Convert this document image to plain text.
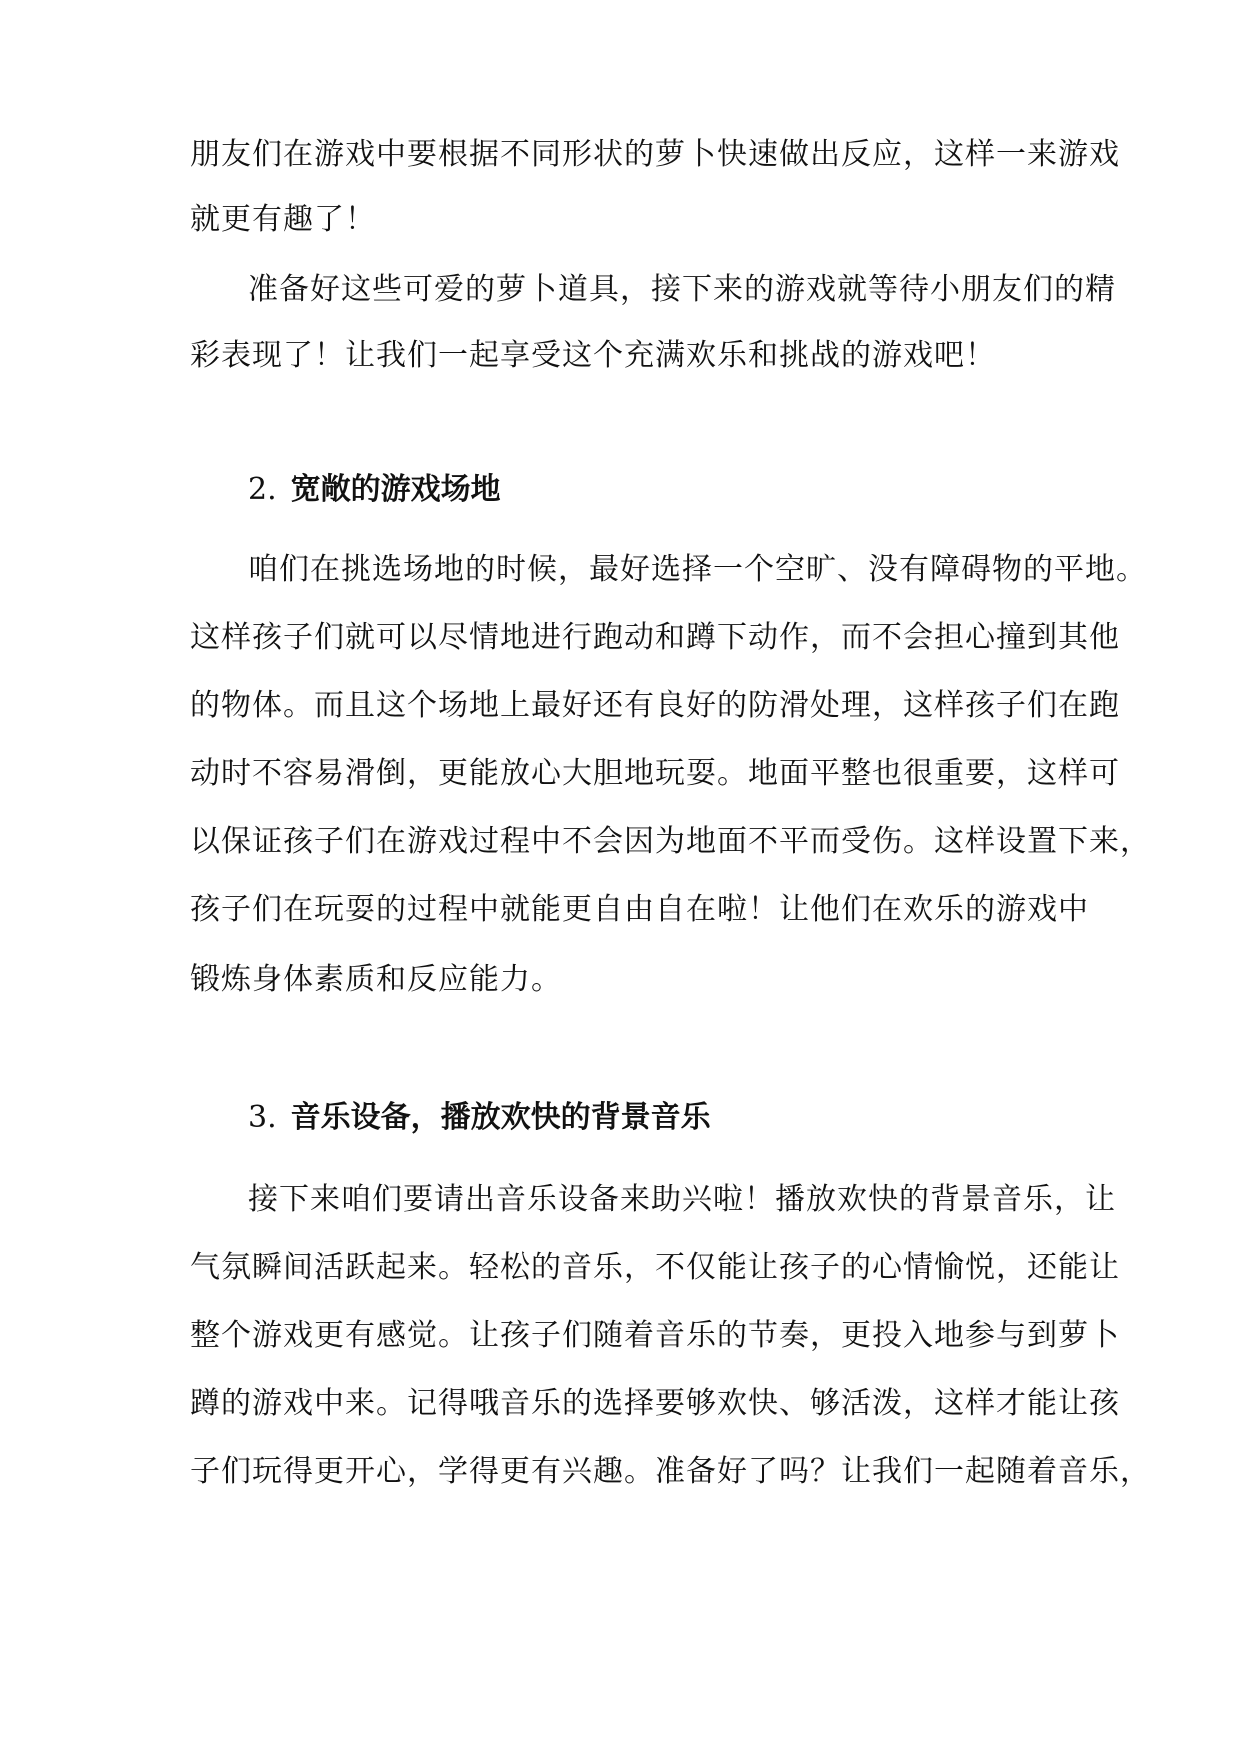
朋友们在游戏中要根据不同形状的萝卜快速做出反应，这样一来游戏
就更有趣了！
准备好这些可爱的萝卜道具，接下来的游戏就等待小朋友们的精
彩表现了！让我们一起享受这个充满欢乐和挑战的游戏吧！
2. 宽敞的游戏场地
咱们在挑选场地的时候，最好选择一个空旷、没有障碍物的平地。
这样孩子们就可以尽情地进行跑动和蹲下动作，而不会担心撞到其他
的物体。而且这个场地上最好还有良好的防滑处理，这样孩子们在跑
动时不容易滑倒，更能放心大胆地玩耍。地面平整也很重要，这样可
以保证孩子们在游戏过程中不会因为地面不平而受伤。这样设置下来，
孩子们在玩耍的过程中就能更自由自在啦！让他们在欢乐的游戏中
锻炼身体素质和反应能力。
3. 音乐设备，播放欢快的背景音乐
接下来咱们要请出音乐设备来助兴啦！播放欢快的背景音乐，让
气氛瞬间活跃起来。轻松的音乐，不仅能让孩子的心情愉悦，还能让
整个游戏更有感觉。让孩子们随着音乐的节奏，更投入地参与到萝卜
蹲的游戏中来。记得哦音乐的选择要够欢快、够活泼，这样才能让孩
子们玩得更开心，学得更有兴趣。准备好了吗？让我们一起随着音乐，
